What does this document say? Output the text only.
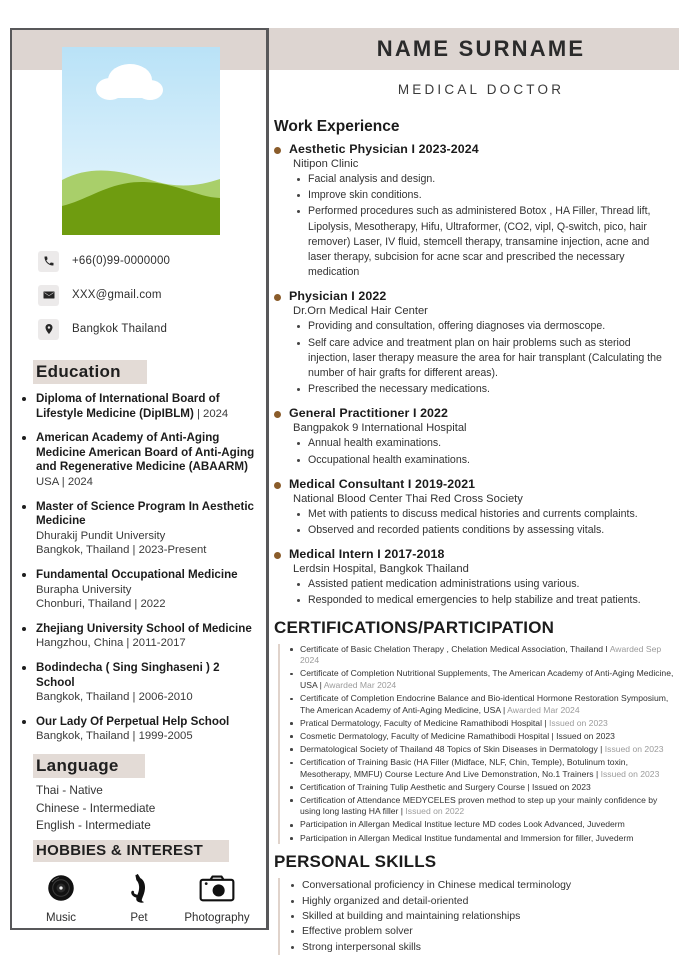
NAME SURNAME
MEDICAL DOCTOR
+66(0)99-0000000
XXX@gmail.com
Bangkok Thailand
Education
Diploma of International Board of Lifestyle Medicine (DipIBLM) | 2024
American Academy of Anti-Aging Medicine American Board of Anti-Aging and Regenerative Medicine (ABAARM) USA | 2024
Master of Science Program In Aesthetic Medicine
Dhurakij Pundit University
Bangkok, Thailand | 2023-Present
Fundamental Occupational Medicine
Burapha University
Chonburi, Thailand | 2022
Zhejiang University School of Medicine
Hangzhou, China | 2011-2017
Bodindecha ( Sing Singhaseni ) 2 School
Bangkok, Thailand | 2006-2010
Our Lady Of Perpetual Help School
Bangkok, Thailand | 1999-2005
Language
Thai - Native
Chinese - Intermediate
English - Intermediate
HOBBIES & INTEREST
Music	Pet	Photography
Work Experience
Aesthetic Physician I 2023-2024
Nitipon Clinic
Facial analysis and design.
Improve skin conditions.
Performed procedures such as administered Botox , HA Filler, Thread lift, Lipolysis, Mesotherapy, Hifu, Ultraformer, (CO2, vipl, Q-switch, pico, hair remover) Laser, IV fluid, stemcell therapy, transamine injection, acne and laser therapy, subcision for acne scar and prescribed the necessary medication
Physician I 2022
Dr.Orn Medical Hair Center
Providing and consultation, offering diagnoses via dermoscope.
Self care advice and treatment plan on hair problems such as steriod injection, laser therapy measure the area for hair transplant (Calculating the number of hair grafts for different areas).
Prescribed the necessary medications.
General Practitioner I 2022
Bangpakok 9 International Hospital
Annual health examinations.
Occupational health examinations.
Medical Consultant I 2019-2021
National Blood Center Thai Red Cross Society
Met with patients to discuss medical histories and currents complaints.
Observed and recorded patients conditions by assessing vitals.
Medical Intern I 2017-2018
Lerdsin Hospital, Bangkok Thailand
Assisted patient medication administrations using various.
Responded to medical emergencies to help stabilize and treat patients.
CERTIFICATIONS/PARTICIPATION
Certificate of Basic Chelation Therapy , Chelation Medical Association, Thailand I Awarded Sep 2024
Certificate of Completion Nutritional Supplements, The American Academy of Anti-Aging Medicine, USA | Awarded Mar 2024
Certificate of Completion Endocrine Balance and Bio-identical Hormone Restoration Symposium, The American Academy of Anti-Aging Medicine, USA | Awarded Mar 2024
Pratical Dermatology, Faculty of Medicine Ramathibodi Hospital | Issued on 2023
Cosmetic Dermatology, Faculty of Medicine Ramathibodi Hospital | Issued on 2023
Dermatological Society of Thailand 48 Topics of Skin Diseases in Dermatology | Issued on 2023
Certification of Training Basic (HA Filler (Midface, NLF, Chin, Temple), Botulinum toxin, Mesotherapy, MMFU) Course Lecture And Live Demonstration, No.1 Trainers | Issued on 2023
Certification of Training Tulip Aesthetic and Surgery Course | Issued on 2023
Certification of Attendance MEDYCELES proven method to step up your mainly confidence by using long lasting HA filler | Issued on 2022
Participation in Allergan Medical Institue lecture MD codes Look Advanced, Juvederm
Participation in Allergan Medical Institue fundamental and Immersion for filler, Juvederm
PERSONAL SKILLS
Conversational proficiency in Chinese medical terminology
Highly organized and detail-oriented
Skilled at building and maintaining relationships
Effective problem solver
Strong interpersonal skills
